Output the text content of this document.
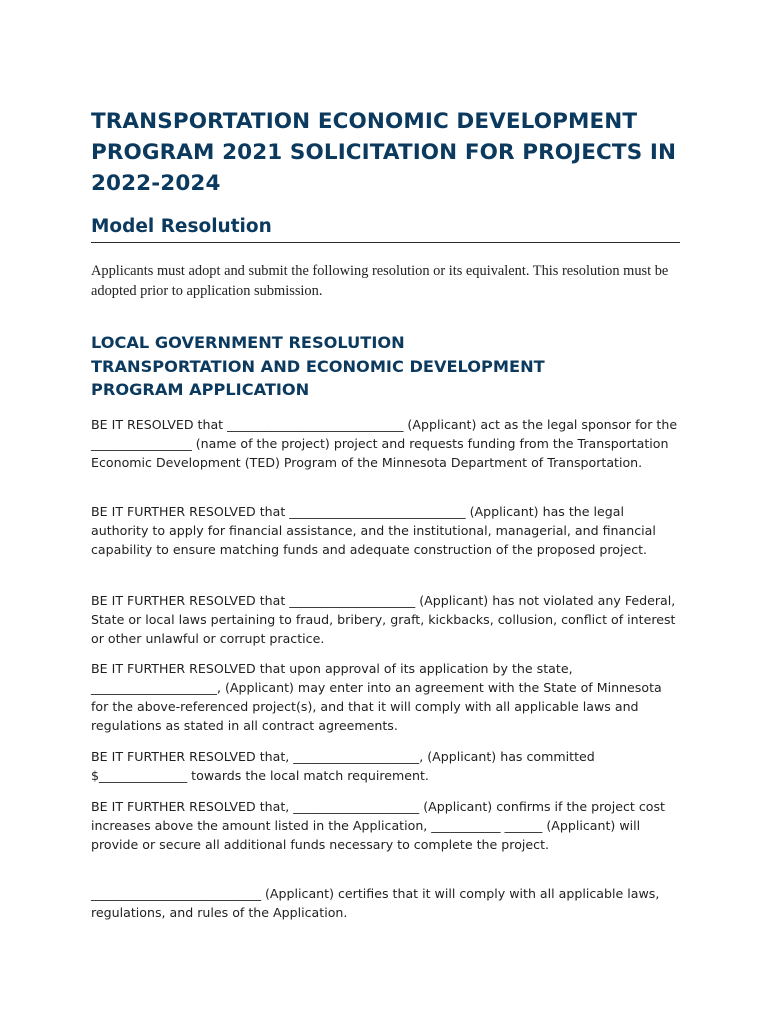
TRANSPORTATION ECONOMIC DEVELOPMENT PROGRAM 2021 SOLICITATION FOR PROJECTS IN 2022-2024
Model Resolution

Applicants must adopt and submit the following resolution or its equivalent. This resolution must be adopted prior to application submission.

LOCAL GOVERNMENT RESOLUTION
TRANSPORTATION AND ECONOMIC DEVELOPMENT
PROGRAM APPLICATION

BE IT RESOLVED that ____________________________ (Applicant) act as the legal sponsor for the ________________ (name of the project) project and requests funding from the Transportation Economic Development (TED) Program of the Minnesota Department of Transportation.

BE IT FURTHER RESOLVED that ____________________________ (Applicant) has the legal authority to apply for financial assistance, and the institutional, managerial, and financial capability to ensure matching funds and adequate construction of the proposed project.

BE IT FURTHER RESOLVED that ____________________ (Applicant) has not violated any Federal, State or local laws pertaining to fraud, bribery, graft, kickbacks, collusion, conflict of interest or other unlawful or corrupt practice.

BE IT FURTHER RESOLVED that upon approval of its application by the state, ____________________, (Applicant) may enter into an agreement with the State of Minnesota for the above-referenced project(s), and that it will comply with all applicable laws and regulations as stated in all contract agreements.

BE IT FURTHER RESOLVED that, ____________________, (Applicant) has committed $______________ towards the local match requirement.

BE IT FURTHER RESOLVED that, ____________________ (Applicant) confirms if the project cost increases above the amount listed in the Application, ___________ ______ (Applicant) will provide or secure all additional funds necessary to complete the project.

___________________________ (Applicant) certifies that it will comply with all applicable laws, regulations, and rules of the Application.
